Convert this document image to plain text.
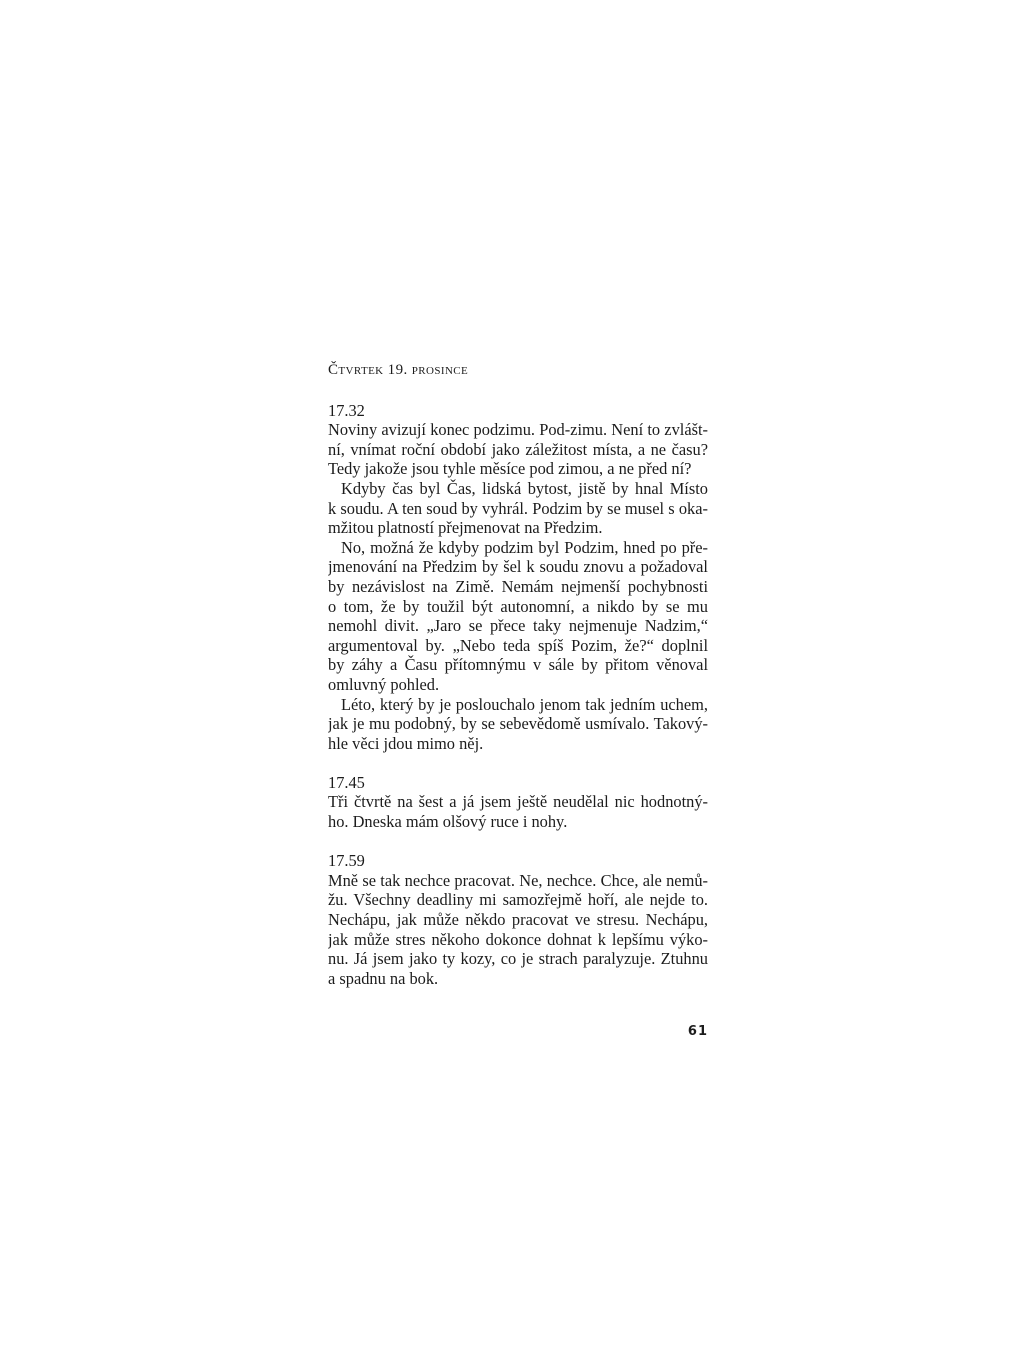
Čtvrtek 19. prosince
17.32
Noviny avizují konec podzimu. Pod-zimu. Není to zvlášt-
ní, vnímat roční období jako záležitost místa, a ne času?
Tedy jakože jsou tyhle měsíce pod zimou, a ne před ní?
Kdyby čas byl Čas, lidská bytost, jistě by hnal Místo
k soudu. A ten soud by vyhrál. Podzim by se musel s oka-
mžitou platností přejmenovat na Předzim.
No, možná že kdyby podzim byl Podzim, hned po pře-
jmenování na Předzim by šel k soudu znovu a požadoval
by nezávislost na Zimě. Nemám nejmenší pochybnosti
o tom, že by toužil být autonomní, a nikdo by se mu
nemohl divit. „Jaro se přece taky nejmenuje Nadzim,“
argumentoval by. „Nebo teda spíš Pozim, že?“ doplnil
by záhy a Času přítomnýmu v sále by přitom věnoval
omluvný pohled.
Léto, který by je poslouchalo jenom tak jedním uchem,
jak je mu podobný, by se sebevědomě usmívalo. Takový-
hle věci jdou mimo něj.
17.45
Tři čtvrtě na šest a já jsem ještě neudělal nic hodnotný-
ho. Dneska mám olšový ruce i nohy.
17.59
Mně se tak nechce pracovat. Ne, nechce. Chce, ale nemů-
žu. Všechny deadliny mi samozřejmě hoří, ale nejde to.
Nechápu, jak může někdo pracovat ve stresu. Nechápu,
jak může stres někoho dokonce dohnat k lepšímu výko-
nu. Já jsem jako ty kozy, co je strach paralyzuje. Ztuhnu
a spadnu na bok.
61
